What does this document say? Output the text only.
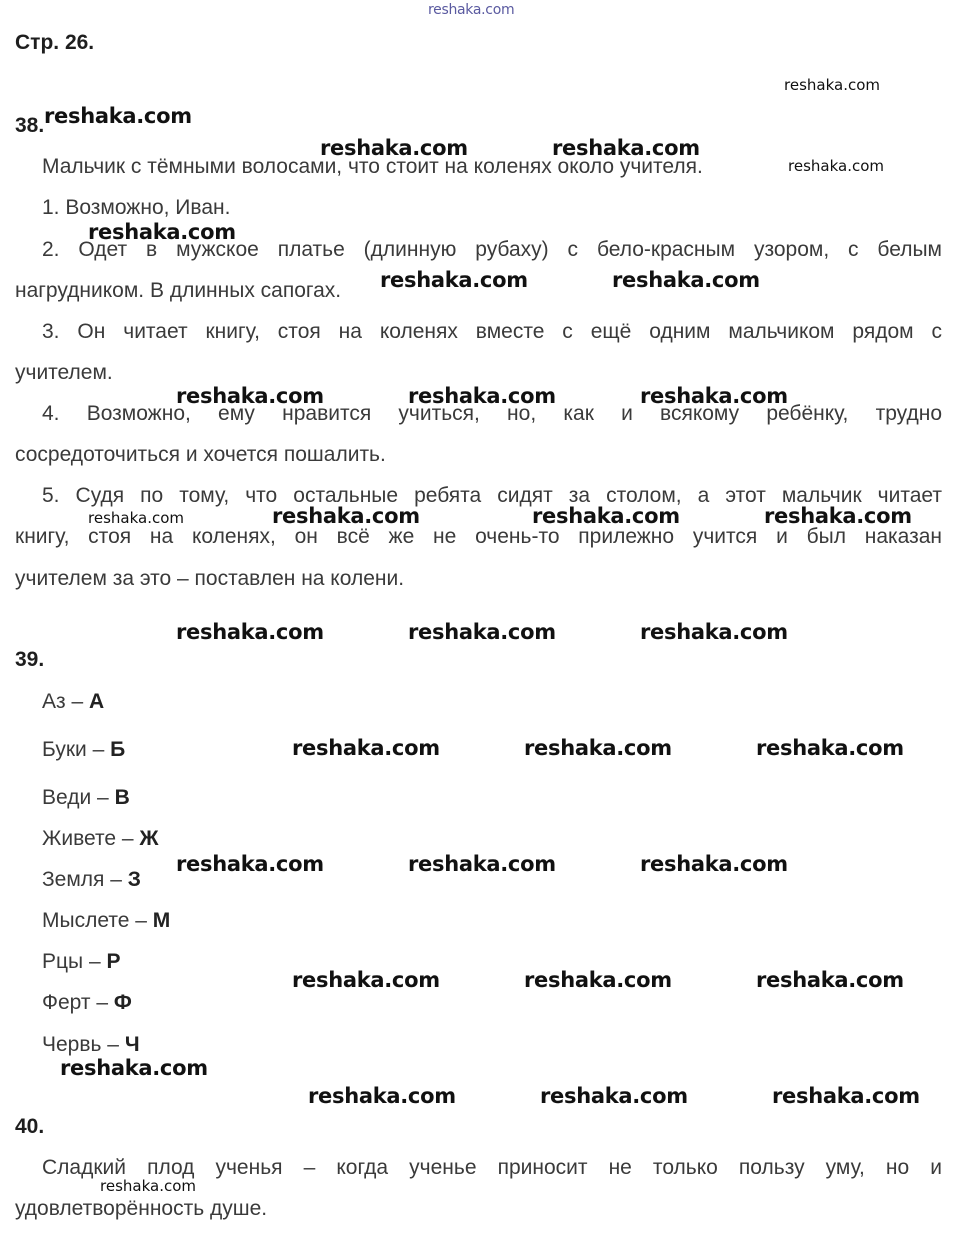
reshaka.com
Стр. 26.
38.
Мальчик с тёмными волосами, что стоит на коленях около учителя.
1. Возможно, Иван.
2. Одет в мужское платье (длинную рубаху) с бело-красным узором, с белым
нагрудником. В длинных сапогах.
3. Он читает книгу, стоя на коленях вместе с ещё одним мальчиком рядом с
учителем.
4. Возможно, ему нравится учиться, но, как и всякому ребёнку, трудно
сосредоточиться и хочется пошалить.
5. Судя по тому, что остальные ребята сидят за столом, а этот мальчик читает
книгу, стоя на коленях, он всё же не очень-то прилежно учится и был наказан
учителем за это – поставлен на колени.
39.
Аз – А
Буки – Б
Веди – В
Живете – Ж
Земля – З
Мыслете – М
Рцы – Р
Ферт – Ф
Червь – Ч
40.
Сладкий плод ученья – когда ученье приносит не только пользу уму, но и
удовлетворённость душе.
reshaka.com
reshaka.com
reshaka.com	reshaka.com
reshaka.com
reshaka.com
reshaka.com	reshaka.com
reshaka.com	reshaka.com	reshaka.com
reshaka.com	reshaka.com	reshaka.com	reshaka.com
reshaka.com	reshaka.com	reshaka.com
reshaka.com	reshaka.com	reshaka.com
reshaka.com	reshaka.com	reshaka.com
reshaka.com	reshaka.com	reshaka.com
reshaka.com
reshaka.com	reshaka.com	reshaka.com
reshaka.com
